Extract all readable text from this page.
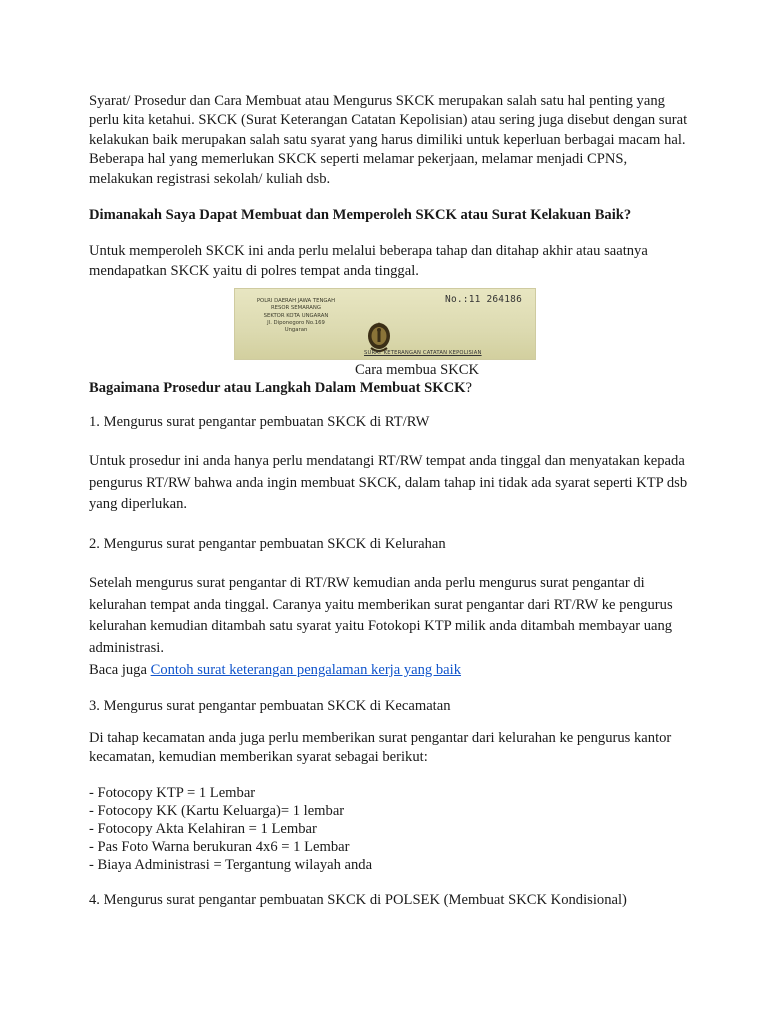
Syarat/ Prosedur dan Cara Membuat atau Mengurus SKCK merupakan salah satu hal penting yang perlu kita ketahui. SKCK (Surat Keterangan Catatan Kepolisian) atau sering juga disebut dengan surat kelakukan baik merupakan salah satu syarat yang harus dimiliki untuk keperluan berbagai macam hal. Beberapa hal yang memerlukan SKCK seperti melamar pekerjaan, melamar menjadi CPNS, melakukan registrasi sekolah/ kuliah dsb.

Dimanakah Saya Dapat Membuat dan Memperoleh SKCK atau Surat Kelakuan Baik?

Untuk memperoleh SKCK ini anda perlu melalui beberapa tahap dan ditahap akhir atau saatnya mendapatkan SKCK yaitu di polres tempat anda tinggal.

POLRI DAERAH JAWA TENGAH
RESOR SEMARANG
SEKTOR KOTA UNGARAN
Jl. Diponegoro No.169 Ungaran
No.:11 264186
SURAT KETERANGAN CATATAN KEPOLISIAN
Cara membua SKCK

Bagaimana Prosedur atau Langkah Dalam Membuat SKCK?

1. Mengurus surat pengantar pembuatan SKCK di RT/RW

Untuk prosedur ini anda hanya perlu mendatangi RT/RW tempat anda tinggal dan menyatakan kepada pengurus RT/RW bahwa anda ingin membuat SKCK, dalam tahap ini tidak ada syarat seperti KTP dsb yang diperlukan.

2. Mengurus surat pengantar pembuatan SKCK di Kelurahan

Setelah mengurus surat pengantar di RT/RW kemudian anda perlu mengurus surat pengantar di kelurahan tempat anda tinggal. Caranya yaitu memberikan surat pengantar dari RT/RW ke pengurus kelurahan kemudian ditambah satu syarat yaitu Fotokopi KTP milik anda ditambah membayar uang administrasi.

Baca juga Contoh surat keterangan pengalaman kerja yang baik

3. Mengurus surat pengantar pembuatan SKCK di Kecamatan

Di tahap kecamatan anda juga perlu memberikan surat pengantar dari kelurahan ke pengurus kantor kecamatan, kemudian memberikan syarat sebagai berikut:

- Fotocopy KTP = 1 Lembar
- Fotocopy KK (Kartu Keluarga)= 1 lembar
- Fotocopy Akta Kelahiran = 1 Lembar
- Pas Foto Warna berukuran 4x6 = 1 Lembar
- Biaya Administrasi = Tergantung wilayah anda

4. Mengurus surat pengantar pembuatan SKCK di POLSEK (Membuat SKCK Kondisional)
